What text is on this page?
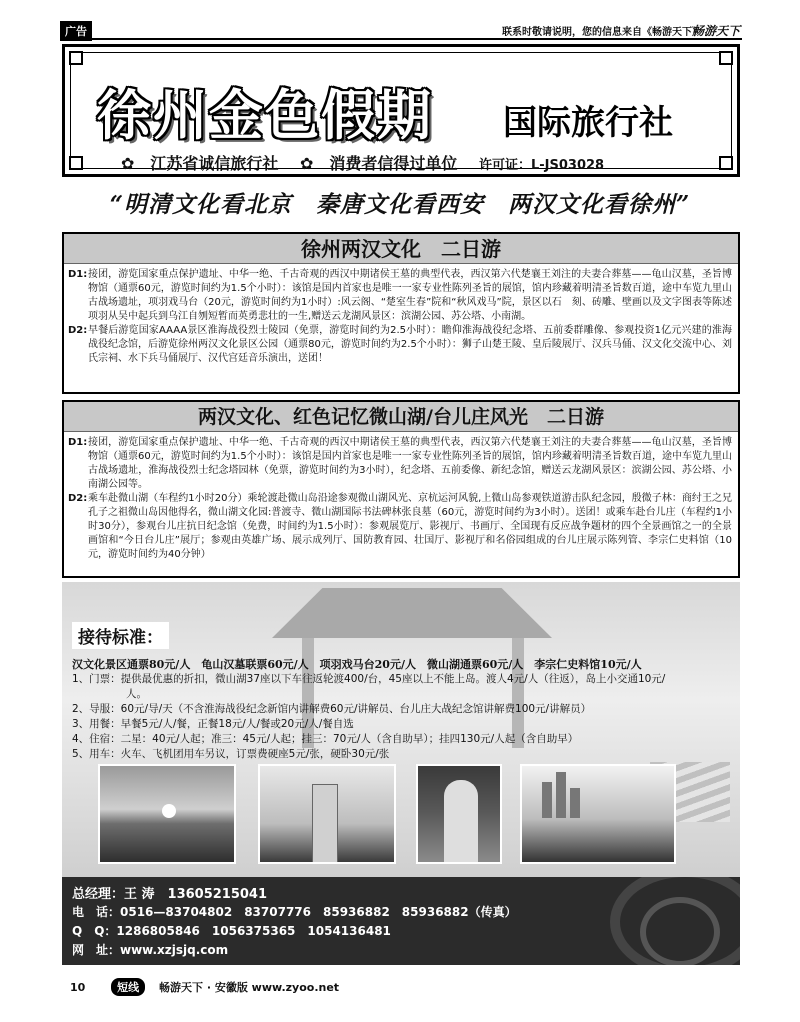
广告	联系时敬请说明，您的信息来自《畅游天下》
畅游天下
徐州金色假期 国际旅行社
✿ 江苏省诚信旅行社 ✿ 消费者信得过单位 许可证：L-JS03028
“明清文化看北京　秦唐文化看西安　两汉文化看徐州”
徐州两汉文化　二日游
D1: 接团，游览国家重点保护遗址、中华一绝、千古奇观的西汉中期诸侯王墓的典型代表，西汉第六代楚襄王刘注的夫妻合葬墓——龟山汉墓，圣旨博物馆（通票60元，游览时间约为1.5个小时）：该馆是国内首家也是唯一一家专业性陈列圣旨的展馆，馆内珍藏着明清圣旨数百道，途中车览九里山古战场遗址，项羽戏马台（20元，游览时间约为1小时）:风云阁、“楚室生春”院和“秋风戏马”院，景区以石　刻、砖雕、壁画以及文字图表等陈述项羽从吴中起兵到乌江自刎短暂而英勇悲壮的一生,赠送云龙湖风景区：滨湖公园、苏公塔、小南湖。
D2: 早餐后游览国家AAAA景区淮海战役烈士陵园（免票，游览时间约为2.5小时）：瞻仰淮海战役纪念塔、五前委群雕像、参观投资1亿元兴建的淮海战役纪念馆，后游览徐州两汉文化景区公园（通票80元，游览时间约为2.5个小时）：狮子山楚王陵、皇后陵展厅、汉兵马俑、汉文化交流中心、刘氏宗祠、水下兵马俑展厅、汉代宫廷音乐演出，送团！
两汉文化、红色记忆微山湖/台儿庄风光　二日游
D1: 接团，游览国家重点保护遗址、中华一绝、千古奇观的西汉中期诸侯王墓的典型代表，西汉第六代楚襄王刘注的夫妻合葬墓——龟山汉墓，圣旨博物馆（通票60元，游览时间约为1.5个小时）：该馆是国内首家也是唯一一家专业性陈列圣旨的展馆，馆内珍藏着明清圣旨数百道，途中车览九里山古战场遗址，淮海战役烈士纪念塔园林（免票，游览时间约为3小时），纪念塔、五前委像、新纪念馆，赠送云龙湖风景区：滨湖公园、苏公塔、小南湖公园等。
D2: 乘车赴微山湖（车程约1小时20分）乘轮渡赴微山岛沿途参观微山湖风光、京杭运河风貌,上微山岛参观铁道游击队纪念园，殷微子林：商纣王之兄孔子之祖微山岛因他得名，微山湖文化园:普渡寺、微山湖国际书法碑林张良墓（60元，游览时间约为3小时）。送团！或乘车赴台儿庄（车程约1小时30分），参观台儿庄抗日纪念馆（免费，时间约为1.5小时）：参观展览厅、影视厅、书画厅、全国现有反应战争题材的四个全景画馆之一的全景画馆和“今日台儿庄”展厅；参观由英雄广场、展示成列厅、国防教育园、壮国厅、影视厅和名俗园组成的台儿庄展示陈列管、李宗仁史料馆（10元，游览时间约为40分钟）
接待标准：
汉文化景区通票80元/人　龟山汉墓联票60元/人　项羽戏马台20元/人　微山湖通票60元/人　李宗仁史料馆10元/人
1、门票：提供最优惠的折扣，微山湖37座以下车往返轮渡400/台，45座以上不能上岛。渡人4元/人（往返），岛上小交通10元/人。
2、导服：60元/导/天（不含淮海战役纪念新馆内讲解费60元/讲解员、台儿庄大战纪念馆讲解费100元/讲解员）
3、用餐：早餐5元/人/餐，正餐18元/人/餐或20元/人/餐自选
4、住宿：二星：40元/人起；准三：45元/人起；挂三：70元/人（含自助早）；挂四130元/人起（含自助早）
5、用车：火车、飞机团用车另议，订票费硬座5元/张，硬卧30元/张
总经理：王 涛　13605215041
电　话：0516—83704802　83707776　85936882　85936882（传真）
Q　Q：1286805846　1056375365　1054136481
网　址：www.xzjsjq.com
10	短线 畅游天下 · 安徽版 www.zyoo.net
